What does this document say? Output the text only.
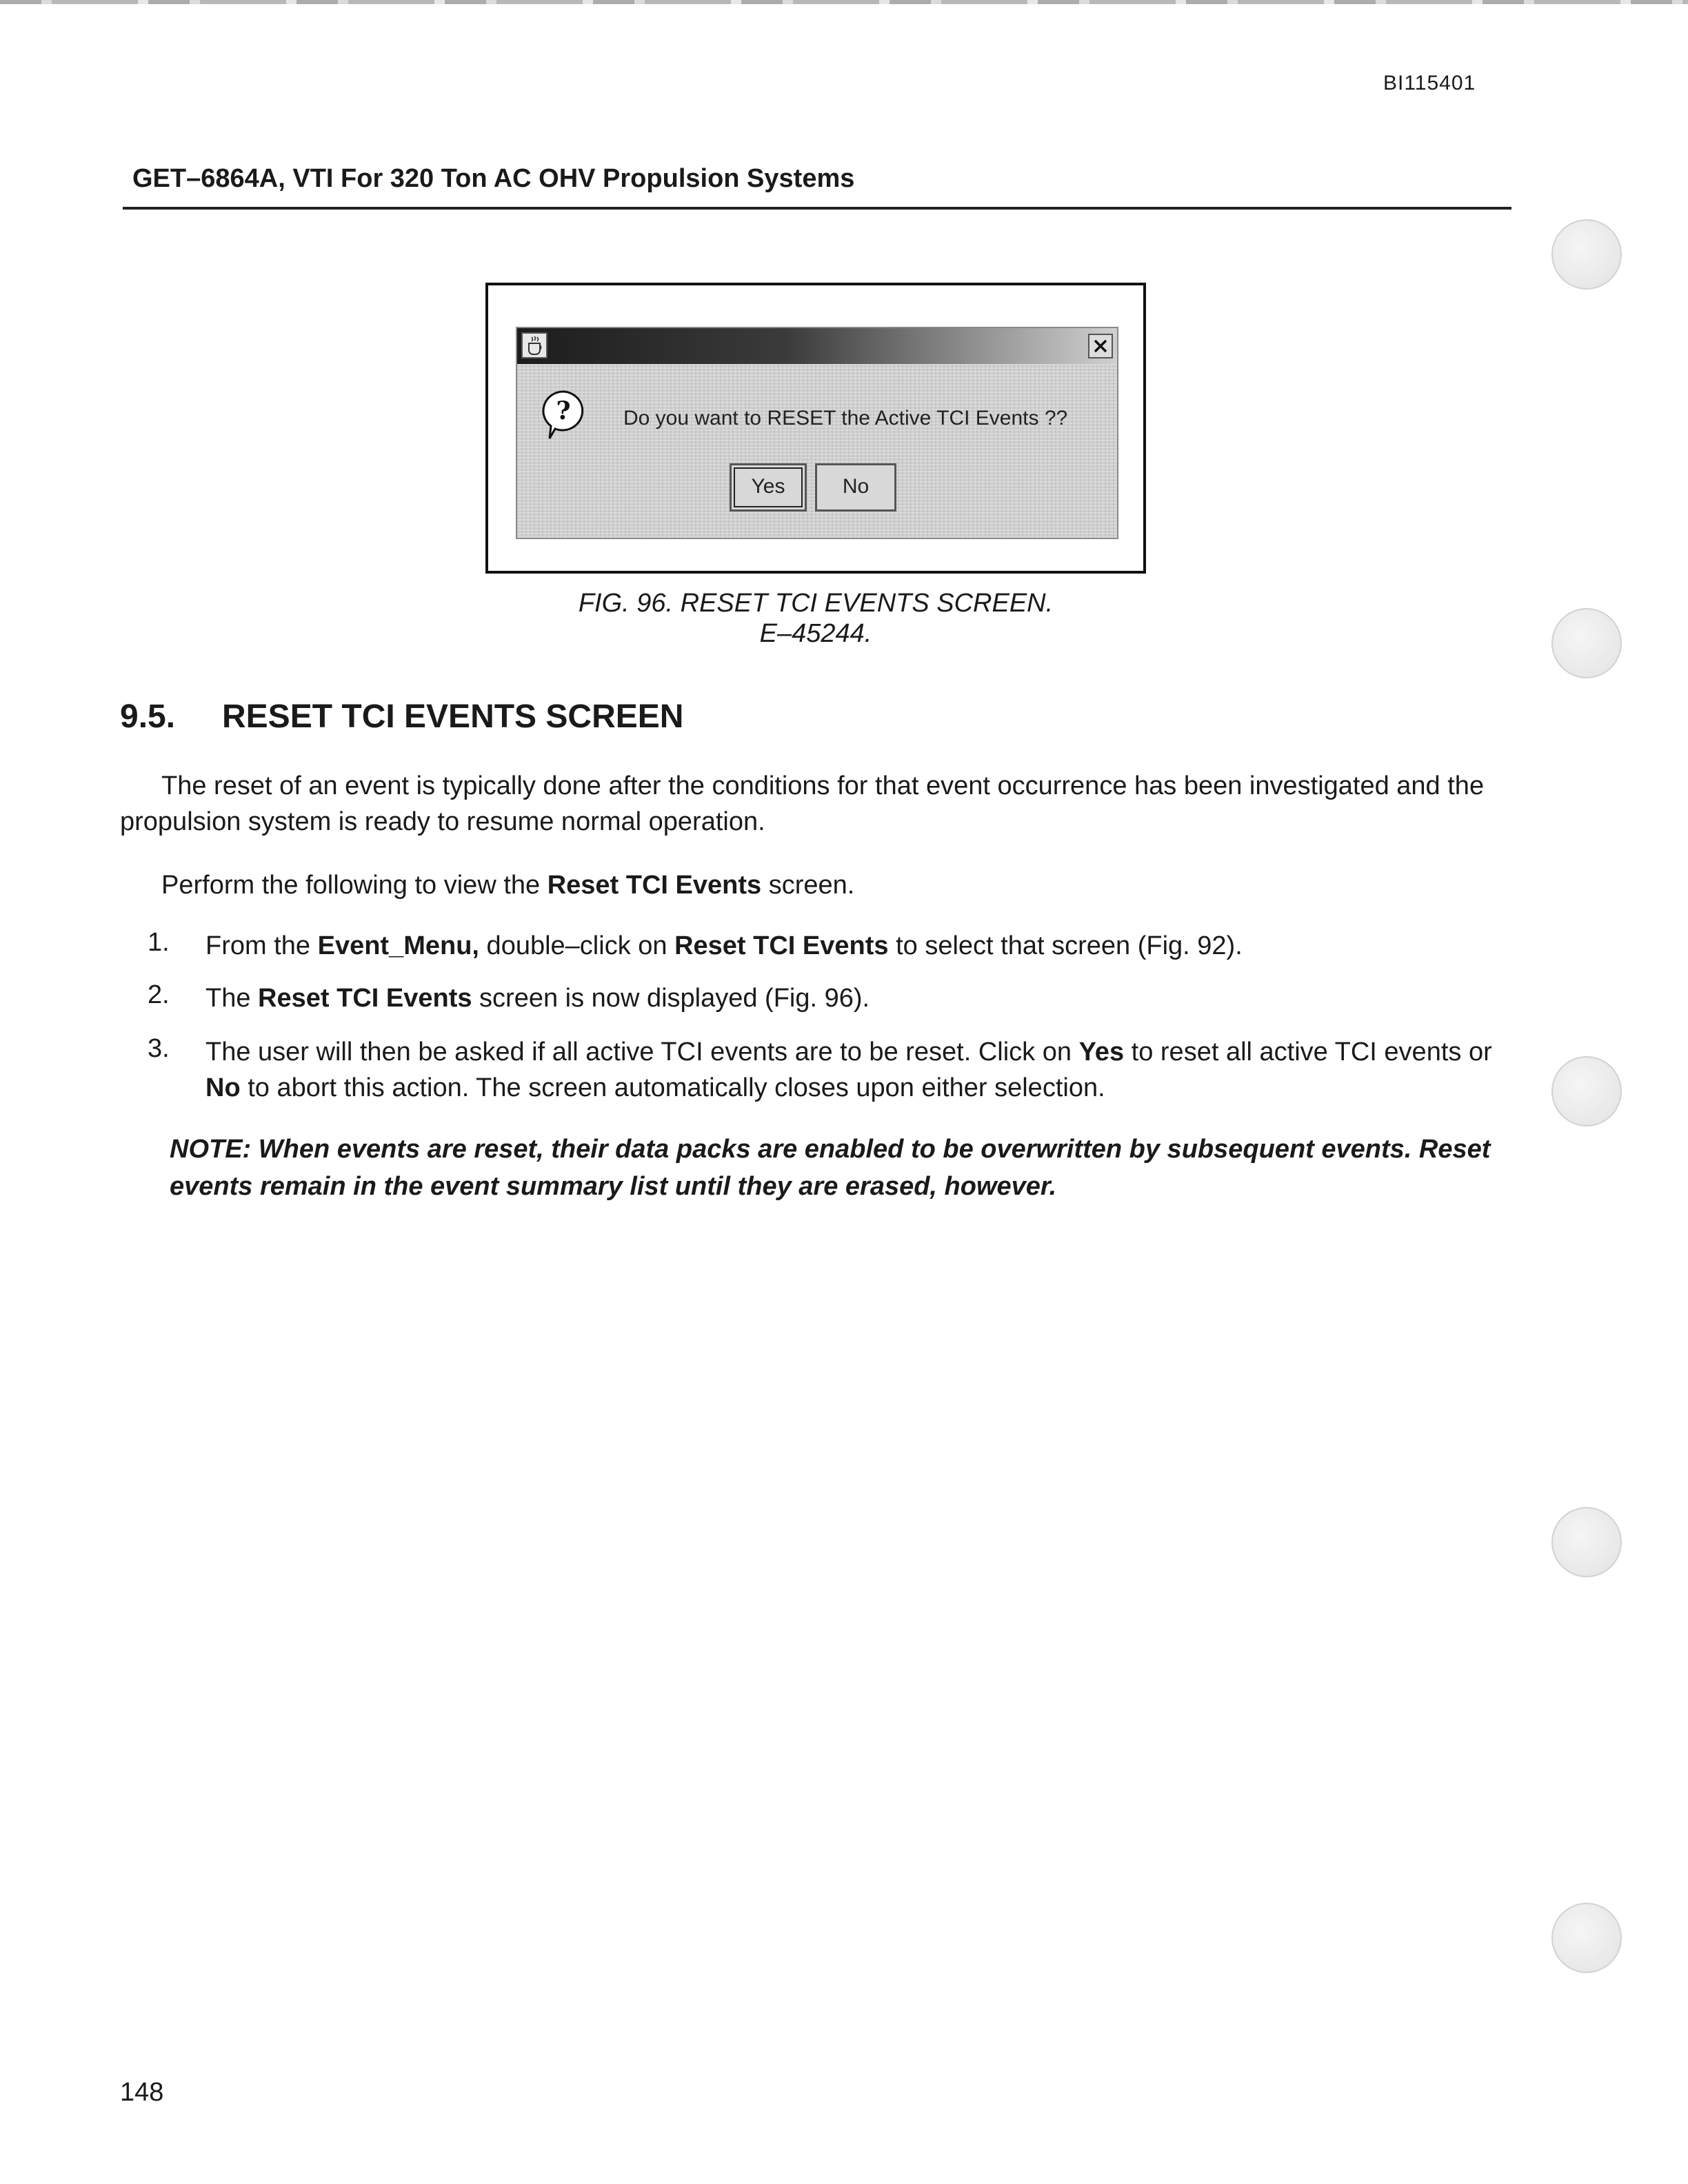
BI115401
GET–6864A, VTI For 320 Ton AC OHV Propulsion Systems
?	Do you want to RESET the Active TCI Events ??
Yes	No
FIG. 96. RESET TCI EVENTS SCREEN.
E–45244.
9.5. RESET TCI EVENTS SCREEN
The reset of an event is typically done after the conditions for that event occurrence has been investigated and the propulsion system is ready to resume normal operation.
Perform the following to view the Reset TCI Events screen.
1. From the Event_Menu, double–click on Reset TCI Events to select that screen (Fig. 92).
2. The Reset TCI Events screen is now displayed (Fig. 96).
3. The user will then be asked if all active TCI events are to be reset. Click on Yes to reset all active TCI events or No to abort this action. The screen automatically closes upon either selection.
NOTE: When events are reset, their data packs are enabled to be overwritten by subsequent events. Reset events remain in the event summary list until they are erased, however.
148
